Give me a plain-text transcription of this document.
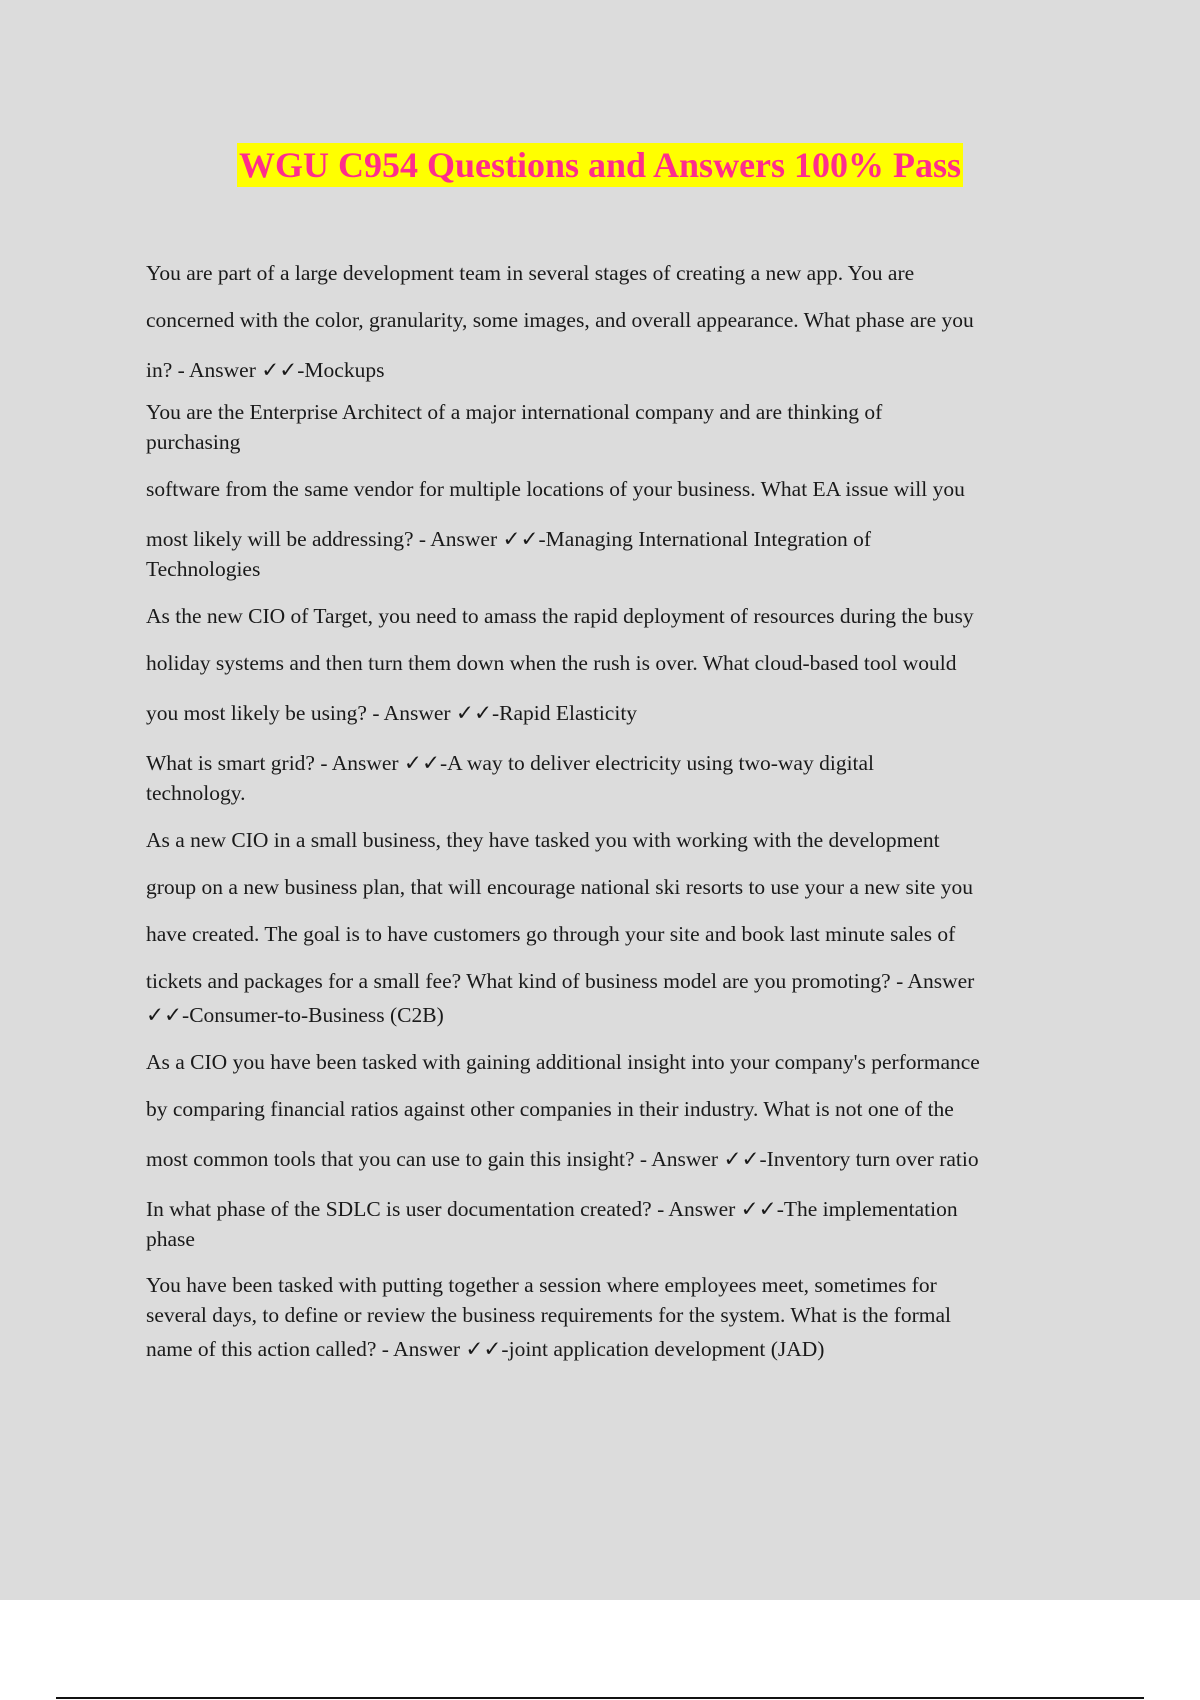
WGU C954 Questions and Answers 100% Pass
You are part of a large development team in several stages of creating a new app. You are
concerned with the color, granularity, some images, and overall appearance. What phase are you
in? - Answer ✓✓-Mockups
You are the Enterprise Architect of a major international company and are thinking of
purchasing
software from the same vendor for multiple locations of your business. What EA issue will you
most likely will be addressing? - Answer ✓✓-Managing International Integration of
Technologies
As the new CIO of Target, you need to amass the rapid deployment of resources during the busy
holiday systems and then turn them down when the rush is over. What cloud-based tool would
you most likely be using? - Answer ✓✓-Rapid Elasticity
What is smart grid? - Answer ✓✓-A way to deliver electricity using two-way digital
technology.
As a new CIO in a small business, they have tasked you with working with the development
group on a new business plan, that will encourage national ski resorts to use your a new site you
have created. The goal is to have customers go through your site and book last minute sales of
tickets and packages for a small fee? What kind of business model are you promoting? - Answer
✓✓-Consumer-to-Business (C2B)
As a CIO you have been tasked with gaining additional insight into your company's performance
by comparing financial ratios against other companies in their industry. What is not one of the
most common tools that you can use to gain this insight? - Answer ✓✓-Inventory turn over ratio
In what phase of the SDLC is user documentation created? - Answer ✓✓-The implementation
phase
You have been tasked with putting together a session where employees meet, sometimes for
several days, to define or review the business requirements for the system. What is the formal
name of this action called? - Answer ✓✓-joint application development (JAD)
